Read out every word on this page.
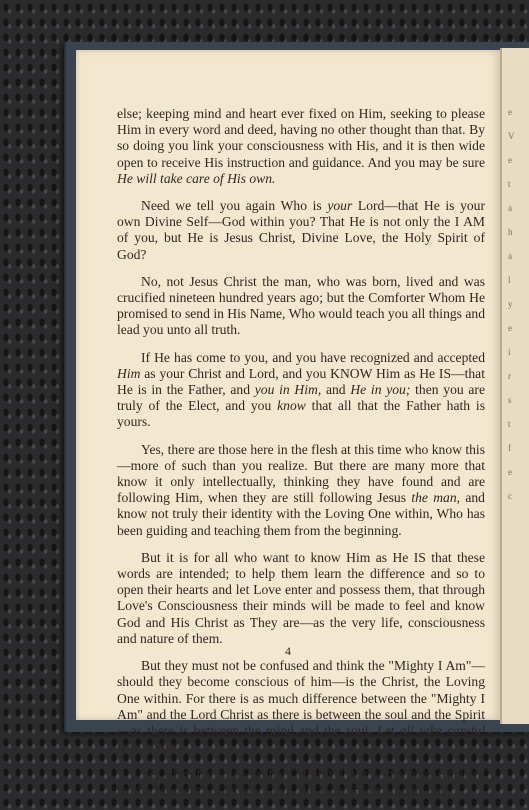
e
V
e
t
a
h
a
l
y
e
i
r
s
t
f
e
c

else; keeping mind and heart ever fixed on Him, seeking to please Him in every word and deed, having no other thought than that. By so doing you link your consciousness with His, and it is then wide open to receive His instruction and guidance. And you may be sure He will take care of His own.

Need we tell you again Who is your Lord—that He is your own Divine Self—God within you? That He is not only the I AM of you, but He is Jesus Christ, Divine Love, the Holy Spirit of God?

No, not Jesus Christ the man, who was born, lived and was crucified nineteen hundred years ago; but the Comforter Whom He promised to send in His Name, Who would teach you all things and lead you unto all truth.

If He has come to you, and you have recognized and accepted Him as your Christ and Lord, and you KNOW Him as He IS—that He is in the Father, and you in Him, and He in you; then you are truly of the Elect, and you know that all that the Father hath is yours.

Yes, there are those here in the flesh at this time who know this—more of such than you realize. But there are many more that know it only intellectually, thinking they have found and are following Him, when they are still following Jesus the man, and know not truly their identity with the Loving One within, Who has been guiding and teaching them from the beginning.

But it is for all who want to know Him as He IS that these words are intended; to help them learn the difference and so to open their hearts and let Love enter and possess them, that through Love's Consciousness their minds will be made to feel and know God and His Christ as They are—as the very life, consciousness and nature of them.

But they must not be confused and think the "Mighty I Am"—should they become conscious of him—is the Christ, the Loving One within. For there is as much difference between the "Mighty I Am" and the Lord Christ as there is between the soul and the Spirit—as there is between the mind and the soul. Let all take careful note of this.

Yet when the soul—as the "Mighty I Am"—has been Christed by the "descent" of Divine Love, the Holy Spirit, into its con-

4
